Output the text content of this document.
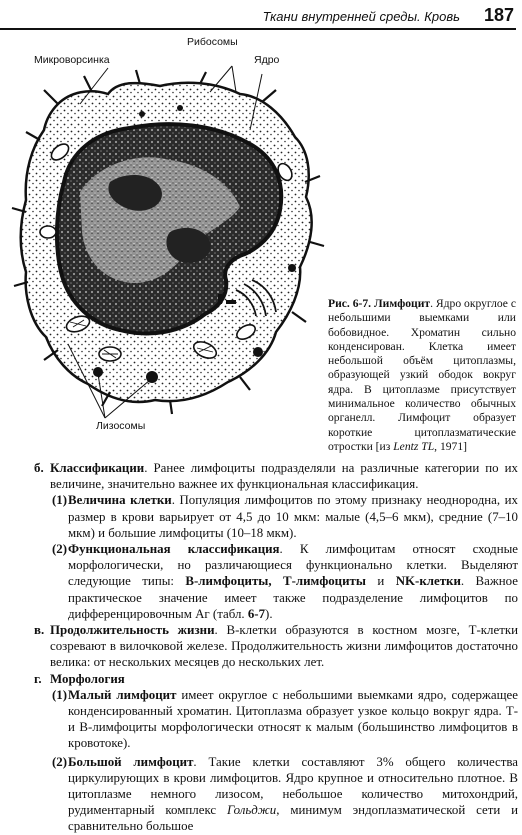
Ткани внутренней среды. Кровь 187
Рибосомы
Микроворсинка	Ядро
Лизосомы
Рис. 6-7. Лимфоцит. Ядро округлое с небольшими выемками или бобовидное. Хроматин сильно конденсирован. Клетка имеет небольшой объём цитоплазмы, образующей узкий ободок вокруг ядра. В цитоплазме присутствует минимальное количество обычных органелл. Лимфоцит образует короткие цитоплазматические отростки [из Lentz TL, 1971]
б. Классификации. Ранее лимфоциты подразделяли на различные категории по их величине, значительно важнее их функциональная классификация.
(1) Величина клетки. Популяция лимфоцитов по этому признаку неоднородна, их размер в крови варьирует от 4,5 до 10 мкм: малые (4,5–6 мкм), средние (7–10 мкм) и большие лимфоциты (10–18 мкм).
(2) Функциональная классификация. К лимфоцитам относят сходные морфологически, но различающиеся функционально клетки. Выделяют следующие типы: В-лимфоциты, Т-лимфоциты и NK-клетки. Важное практическое значение имеет также подразделение лимфоцитов по дифференцировочным Аг (табл. 6-7).
в. Продолжительность жизни. В-клетки образуются в костном мозге, Т-клетки созревают в вилочковой железе. Продолжительность жизни лимфоцитов достаточно велика: от нескольких месяцев до нескольких лет.
г. Морфология
(1) Малый лимфоцит имеет округлое с небольшими выемками ядро, содержащее конденсированный хроматин. Цитоплазма образует узкое кольцо вокруг ядра. Т- и В-лимфоциты морфологически относят к малым (большинство лимфоцитов в кровотоке).
(2) Большой лимфоцит. Такие клетки составляют 3% общего количества циркулирующих в крови лимфоцитов. Ядро крупное и относительно плотное. В цитоплазме немного лизосом, небольшое количество митохондрий, рудиментарный комплекс Гольджи, минимум эндоплазматической сети и сравнительно большое
